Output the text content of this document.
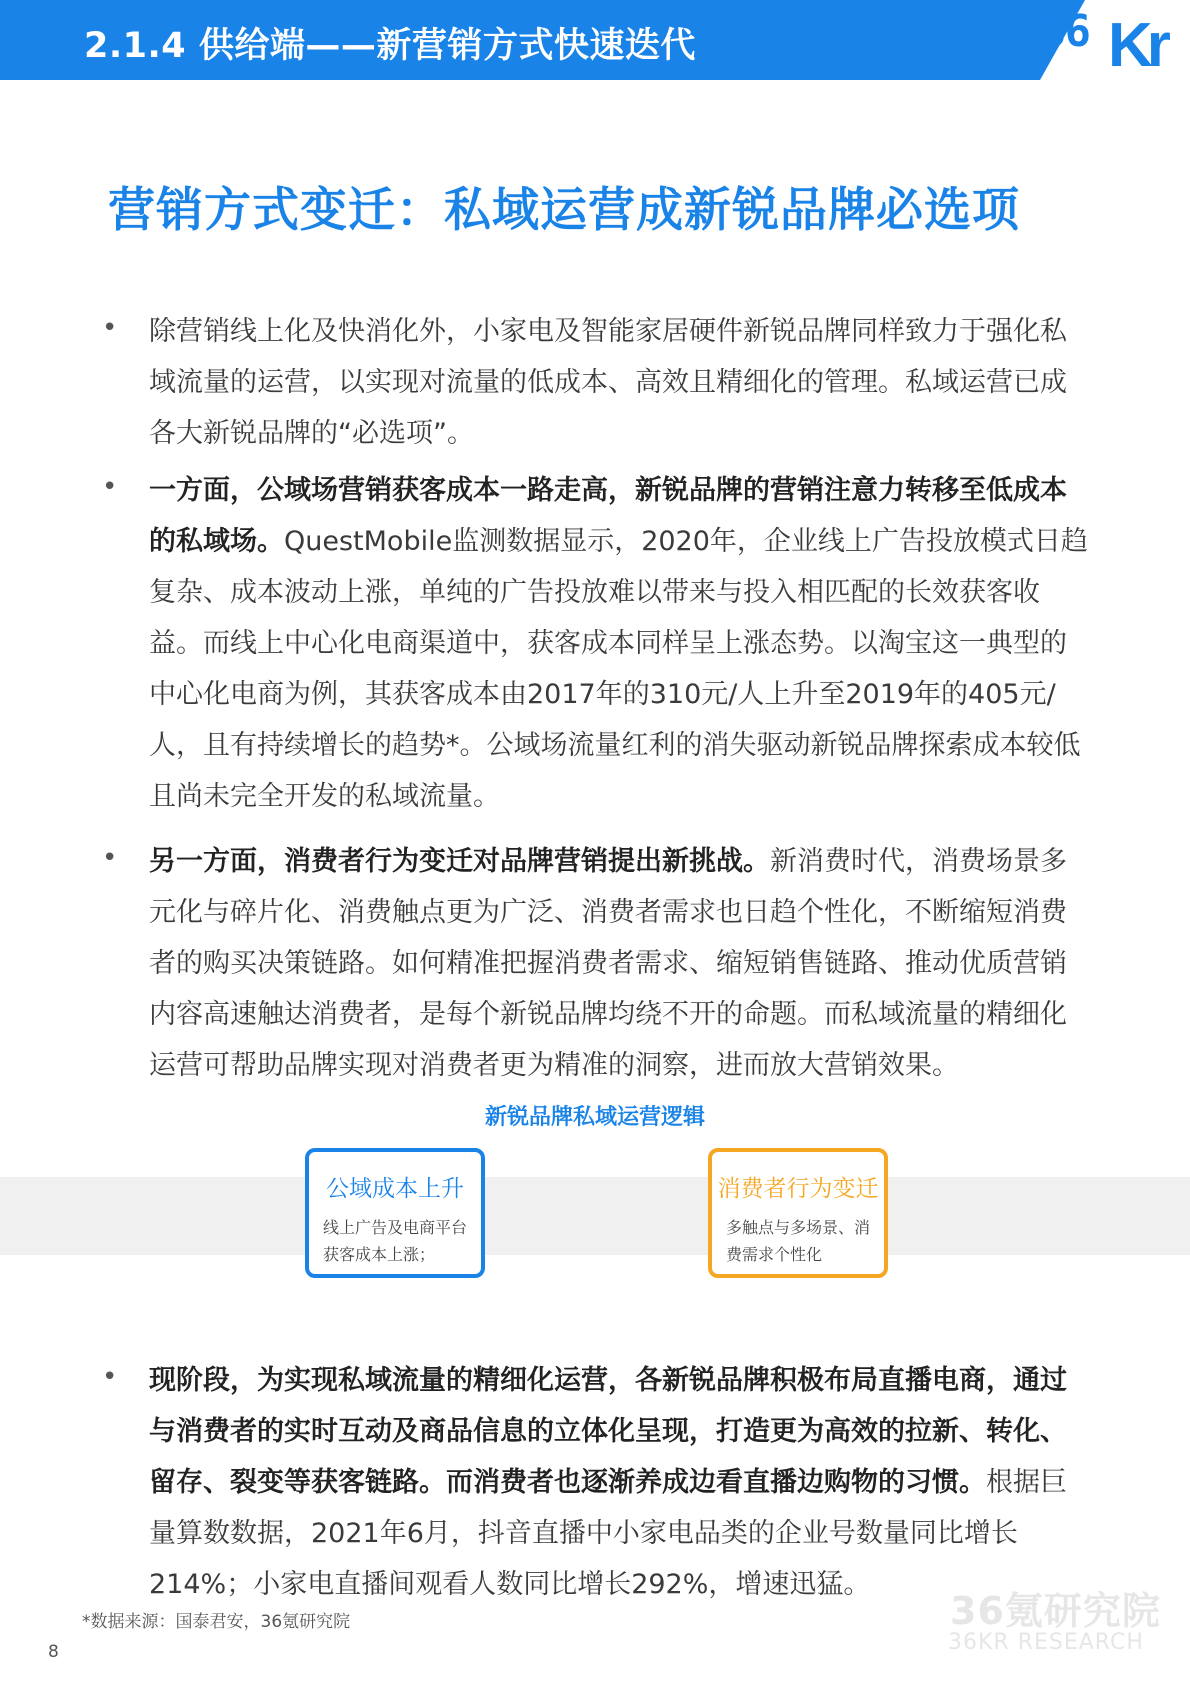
2.1.4 供给端——新营销方式快速迭代	36 Kr
营销方式变迁：私域运营成新锐品牌必选项
• 除营销线上化及快消化外，小家电及智能家居硬件新锐品牌同样致力于强化私域流量的运营，以实现对流量的低成本、高效且精细化的管理。私域运营已成各大新锐品牌的“必选项”。
• 一方面，公域场营销获客成本一路走高，新锐品牌的营销注意力转移至低成本的私域场。QuestMobile监测数据显示，2020年，企业线上广告投放模式日趋复杂、成本波动上涨，单纯的广告投放难以带来与投入相匹配的长效获客收益。而线上中心化电商渠道中，获客成本同样呈上涨态势。以淘宝这一典型的中心化电商为例，其获客成本由2017年的310元/人上升至2019年的405元/人，且有持续增长的趋势*。公域场流量红利的消失驱动新锐品牌探索成本较低且尚未完全开发的私域流量。
• 另一方面，消费者行为变迁对品牌营销提出新挑战。新消费时代，消费场景多元化与碎片化、消费触点更为广泛、消费者需求也日趋个性化，不断缩短消费者的购买决策链路。如何精准把握消费者需求、缩短销售链路、推动优质营销内容高速触达消费者，是每个新锐品牌均绕不开的命题。而私域流量的精细化运营可帮助品牌实现对消费者更为精准的洞察，进而放大营销效果。
新锐品牌私域运营逻辑
公域成本上升
线上广告及电商平台获客成本上涨；
消费者行为变迁
多触点与多场景、消费需求个性化
• 现阶段，为实现私域流量的精细化运营，各新锐品牌积极布局直播电商，通过与消费者的实时互动及商品信息的立体化呈现，打造更为高效的拉新、转化、留存、裂变等获客链路。而消费者也逐渐养成边看直播边购物的习惯。根据巨量算数数据，2021年6月，抖音直播中小家电品类的企业号数量同比增长214%；小家电直播间观看人数同比增长292%，增速迅猛。
36氪研究院
36KR RESEARCH
*数据来源：国泰君安，36氪研究院
8
